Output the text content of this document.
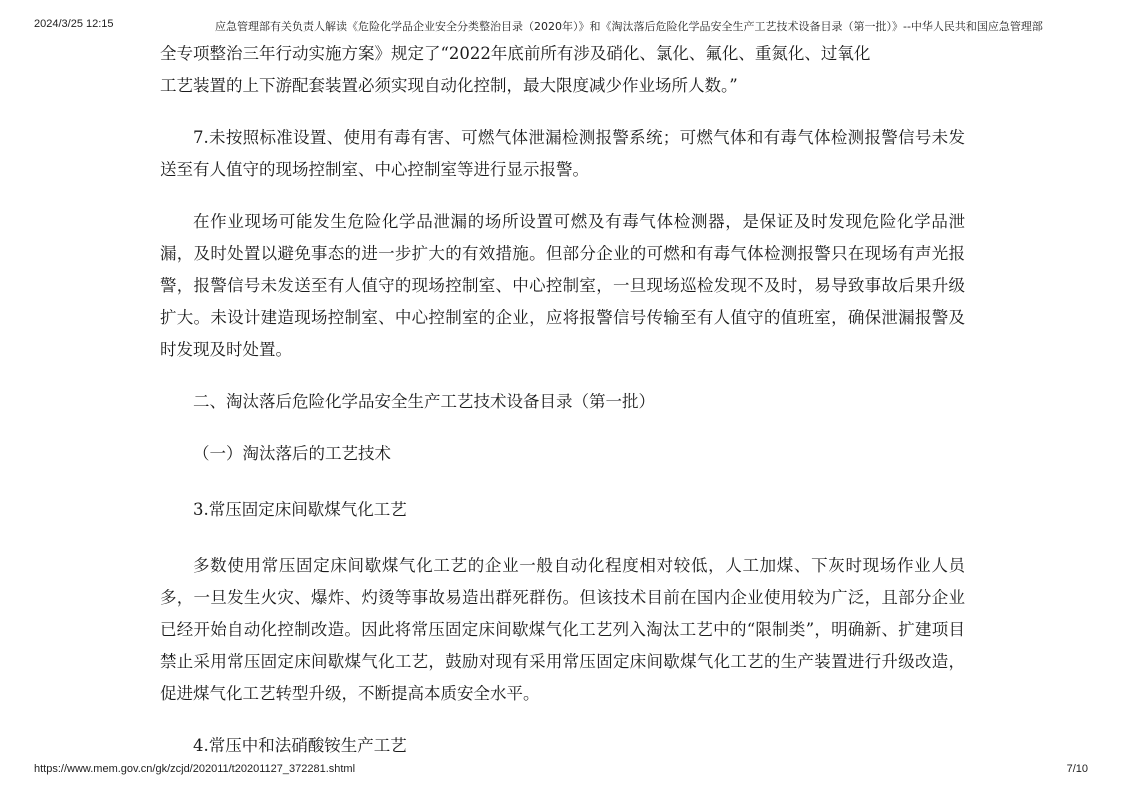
2024/3/25 12:15	应急管理部有关负责人解读《危险化学品企业安全分类整治目录（2020年）》和《淘汰落后危险化学品安全生产工艺技术设备目录（第一批）》--中华人民共和国应急管理部

全专项整治三年行动实施方案》规定了“2022年底前所有涉及硝化、氯化、氟化、重氮化、过氧化

工艺装置的上下游配套装置必须实现自动化控制，最大限度减少作业场所人数。”

7.未按照标准设置、使用有毒有害、可燃气体泄漏检测报警系统；可燃气体和有毒气体检测报警信号未发送至有人值守的现场控制室、中心控制室等进行显示报警。

在作业现场可能发生危险化学品泄漏的场所设置可燃及有毒气体检测器，是保证及时发现危险化学品泄漏，及时处置以避免事态的进一步扩大的有效措施。但部分企业的可燃和有毒气体检测报警只在现场有声光报警，报警信号未发送至有人值守的现场控制室、中心控制室，一旦现场巡检发现不及时，易导致事故后果升级扩大。未设计建造现场控制室、中心控制室的企业，应将报警信号传输至有人值守的值班室，确保泄漏报警及时发现及时处置。

二、淘汰落后危险化学品安全生产工艺技术设备目录（第一批）

（一）淘汰落后的工艺技术

3.常压固定床间歇煤气化工艺

多数使用常压固定床间歇煤气化工艺的企业一般自动化程度相对较低，人工加煤、下灰时现场作业人员多，一旦发生火灾、爆炸、灼烫等事故易造出群死群伤。但该技术目前在国内企业使用较为广泛，且部分企业已经开始自动化控制改造。因此将常压固定床间歇煤气化工艺列入淘汰工艺中的“限制类”，明确新、扩建项目禁止采用常压固定床间歇煤气化工艺，鼓励对现有采用常压固定床间歇煤气化工艺的生产装置进行升级改造，促进煤气化工艺转型升级，不断提高本质安全水平。

4.常压中和法硝酸铵生产工艺

https://www.mem.gov.cn/gk/zcjd/202011/t20201127_372281.shtml	7/10
